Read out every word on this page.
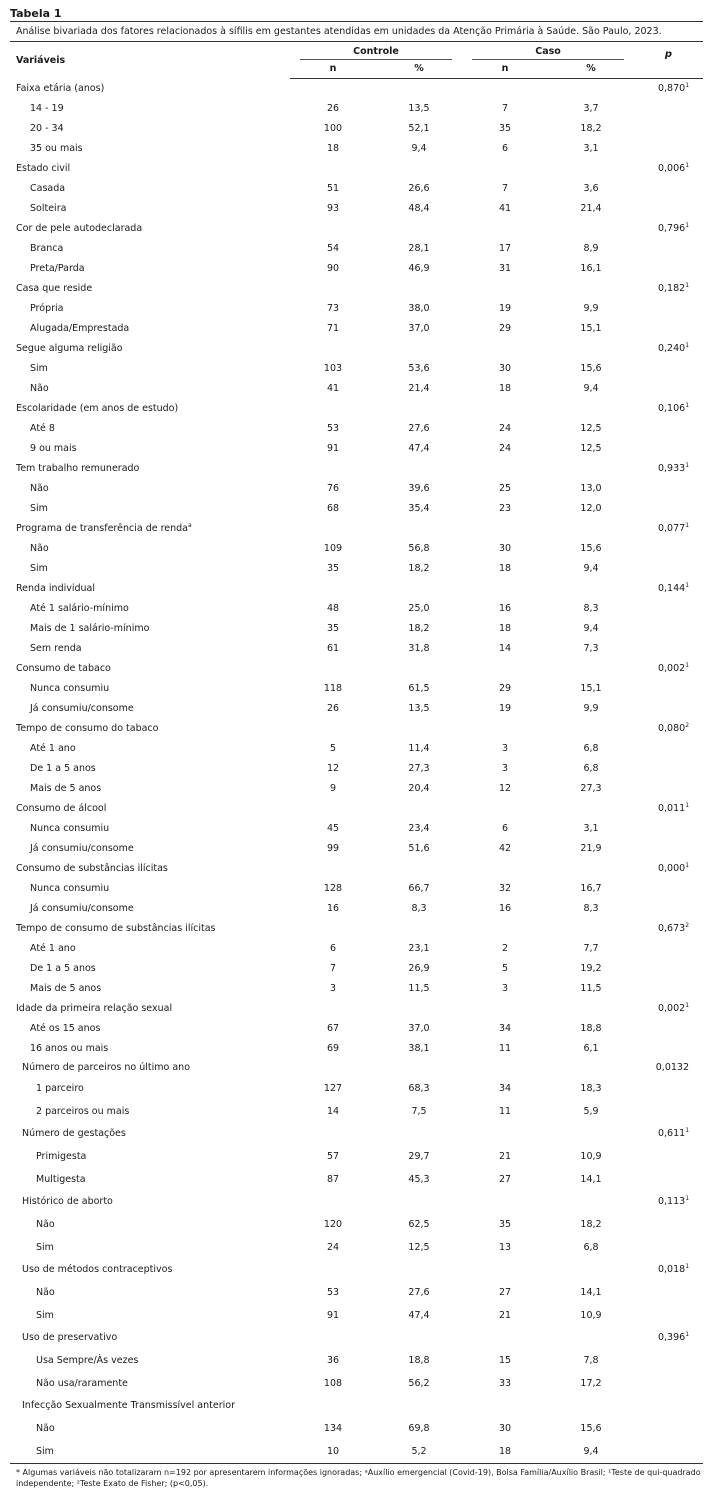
Tabela 1
Análise bivariada dos fatores relacionados à sífilis em gestantes atendidas em unidades da Atenção Primária à Saúde. São Paulo, 2023.
Variáveis	Controle		Caso		p
	n	%	n	%	
Faixa etária (anos)					0,870$^1$
14 - 19	26	13,5	7	3,7	
20 - 34	100	52,1	35	18,2	
35 ou mais	18	9,4	6	3,1	
Estado civil					0,006$^1$
Casada	51	26,6	7	3,6	
Solteira	93	48,4	41	21,4	
Cor de pele autodeclarada					0,796$^1$
Branca	54	28,1	17	8,9	
Preta/Parda	90	46,9	31	16,1	
Casa que reside					0,182$^1$
Própria	73	38,0	19	9,9	
Alugada/Emprestada	71	37,0	29	15,1	
Segue alguma religião					0,240$^1$
Sim	103	53,6	30	15,6	
Não	41	21,4	18	9,4	
Escolaridade (em anos de estudo)					0,106$^1$
Até 8	53	27,6	24	12,5	
9 ou mais	91	47,4	24	12,5	
Tem trabalho remunerado					0,933$^1$
Não	76	39,6	25	13,0	
Sim	68	35,4	23	12,0	
Programa de transferência de renda$^a$					0,077$^1$
Não	109	56,8	30	15,6	
Sim	35	18,2	18	9,4	
Renda individual					0,144$^1$
Até 1 salário-mínimo	48	25,0	16	8,3	
Mais de 1 salário-mínimo	35	18,2	18	9,4	
Sem renda	61	31,8	14	7,3	
Consumo de tabaco					0,002$^1$
Nunca consumiu	118	61,5	29	15,1	
Já consumiu/consome	26	13,5	19	9,9	
Tempo de consumo do tabaco					0,080$^2$
Até 1 ano	5	11,4	3	6,8	
De 1 a 5 anos	12	27,3	3	6,8	
Mais de 5 anos	9	20,4	12	27,3	
Consumo de álcool					0,011$^1$
Nunca consumiu	45	23,4	6	3,1	
Já consumiu/consome	99	51,6	42	21,9	
Consumo de substâncias ilícitas					0,000$^1$
Nunca consumiu	128	66,7	32	16,7	
Já consumiu/consome	16	8,3	16	8,3	
Tempo de consumo de substâncias ilícitas					0,673$^2$
Até 1 ano	6	23,1	2	7,7	
De 1 a 5 anos	7	26,9	5	19,2	
Mais de 5 anos	3	11,5	3	11,5	
Idade da primeira relação sexual					0,002$^1$
Até os 15 anos	67	37,0	34	18,8	
16 anos ou mais	69	38,1	11	6,1	
Número de parceiros no último ano					0,0132
1 parceiro	127	68,3	34	18,3	
2 parceiros ou mais	14	7,5	11	5,9	
Número de gestações					0,611$^1$
Primigesta	57	29,7	21	10,9	
Multigesta	87	45,3	27	14,1	
Histórico de aborto					0,113$^1$
Não	120	62,5	35	18,2	
Sim	24	12,5	13	6,8	
Uso de métodos contraceptivos					0,018$^1$
Não	53	27,6	27	14,1	
Sim	91	47,4	21	10,9	
Uso de preservativo					0,396$^1$
Usa Sempre/Às vezes	36	18,8	15	7,8	
Não usa/raramente	108	56,2	33	17,2	
Infecção Sexualmente Transmissível anterior					
Não	134	69,8	30	15,6	
Sim	10	5,2	18	9,4	
* Algumas variáveis não totalizaram n=192 por apresentarem informações ignoradas; ᵃAuxílio emergencial (Covid-19), Bolsa Família/Auxílio Brasil; ¹Teste de qui-quadrado independente; ²Teste Exato de Fisher; (p<0,05).
